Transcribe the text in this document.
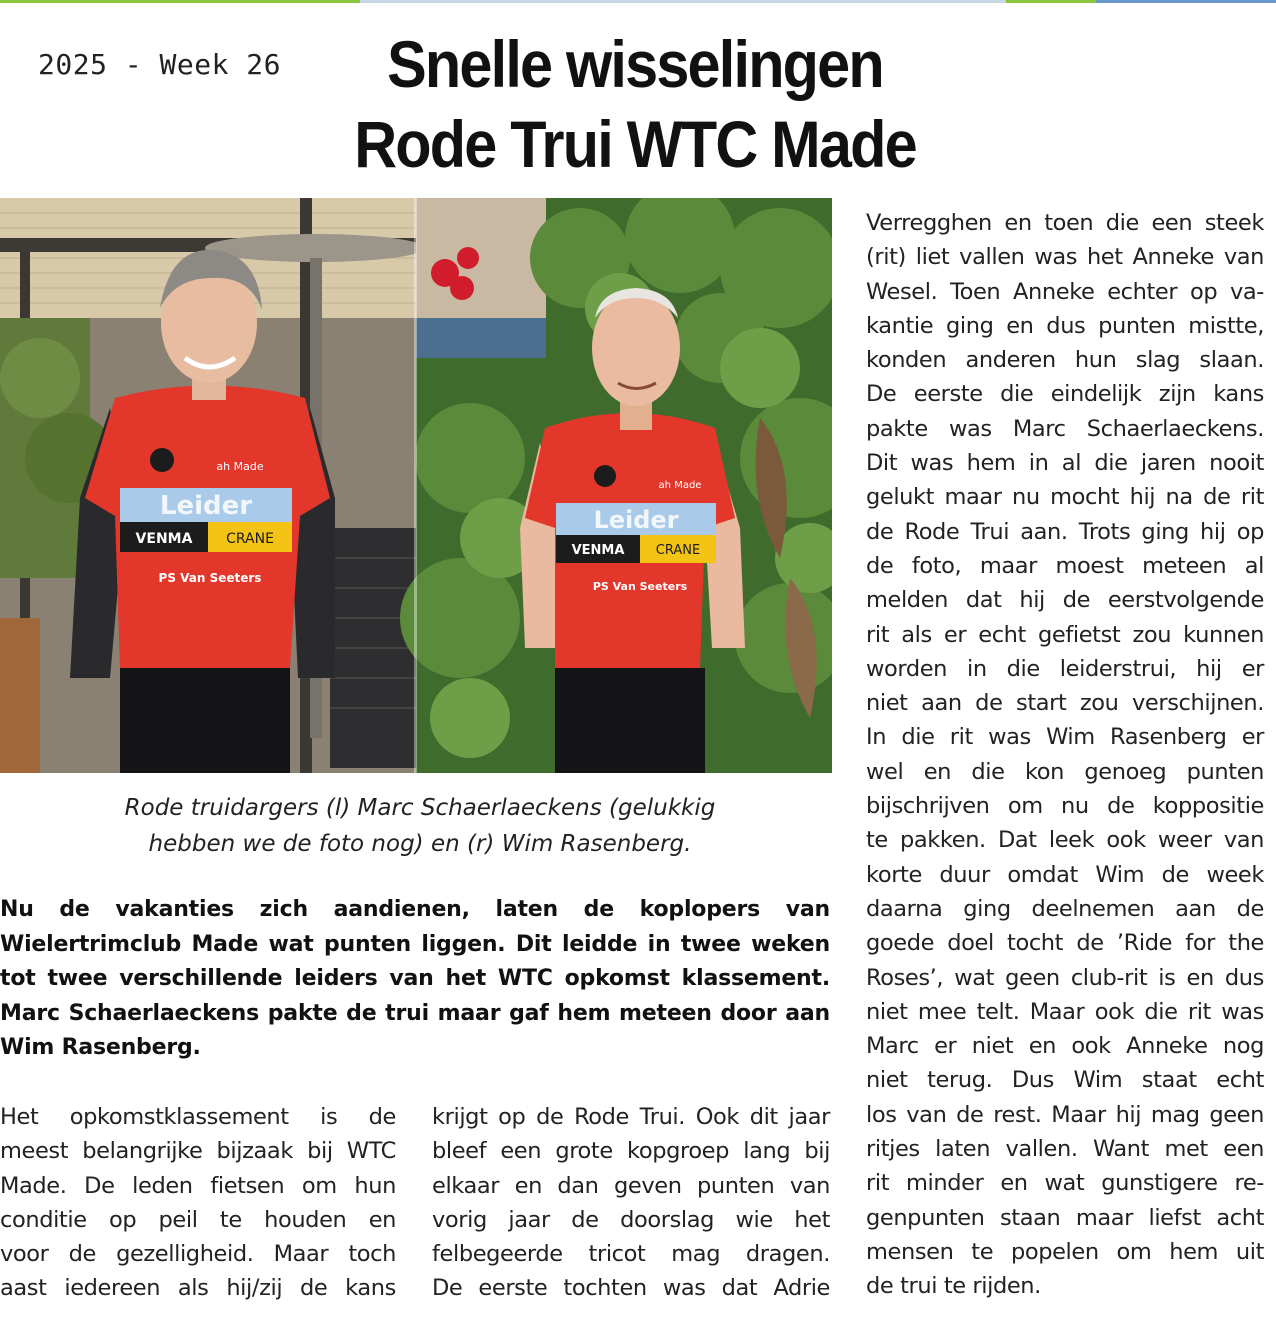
2025 - Week 26	Snelle wisselingen
Rode Trui WTC Made
Leider
VENMA CRANE
PS Van Seeters
ah Made
Leider
VENMA CRANE
PS Van Seeters
ah Made
Rode truidargers (l) Marc Schaerlaeckens (gelukkig
hebben we de foto nog) en (r) Wim Rasenberg.
Nu de vakanties zich aandienen, laten de koplopers van Wielertrimclub Made wat punten liggen. Dit leidde in twee weken tot twee verschillende leiders van het WTC opkomst klassement. Marc Schaerlaeckens pakte de trui maar gaf hem meteen door aan Wim Rasenberg.
Het opkomstklassement is de
meest belangrijke bijzaak bij WTC
Made. De leden fietsen om hun
conditie op peil te houden en
voor de gezelligheid. Maar toch
aast iedereen als hij/zij de kans
krijgt op de Rode Trui. Ook dit jaar
bleef een grote kopgroep lang bij
elkaar en dan geven punten van
vorig jaar de doorslag wie het
felbegeerde tricot mag dragen.
De eerste tochten was dat Adrie
Verregghen en toen die een steek
(rit) liet vallen was het Anneke van
Wesel. Toen Anneke echter op va-
kantie ging en dus punten mistte,
konden anderen hun slag slaan.
De eerste die eindelijk zijn kans
pakte was Marc Schaerlaeckens.
Dit was hem in al die jaren nooit
gelukt maar nu mocht hij na de rit
de Rode Trui aan. Trots ging hij op
de foto, maar moest meteen al
melden dat hij de eerstvolgende
rit als er echt gefietst zou kunnen
worden in die leiderstrui, hij er
niet aan de start zou verschijnen.
In die rit was Wim Rasenberg er
wel en die kon genoeg punten
bijschrijven om nu de koppositie
te pakken. Dat leek ook weer van
korte duur omdat Wim de week
daarna ging deelnemen aan de
goede doel tocht de ’Ride for the
Roses’, wat geen club-rit is en dus
niet mee telt. Maar ook die rit was
Marc er niet en ook Anneke nog
niet terug. Dus Wim staat echt
los van de rest. Maar hij mag geen
ritjes laten vallen. Want met een
rit minder en wat gunstigere re-
genpunten staan maar liefst acht
mensen te popelen om hem uit
de trui te rijden.
